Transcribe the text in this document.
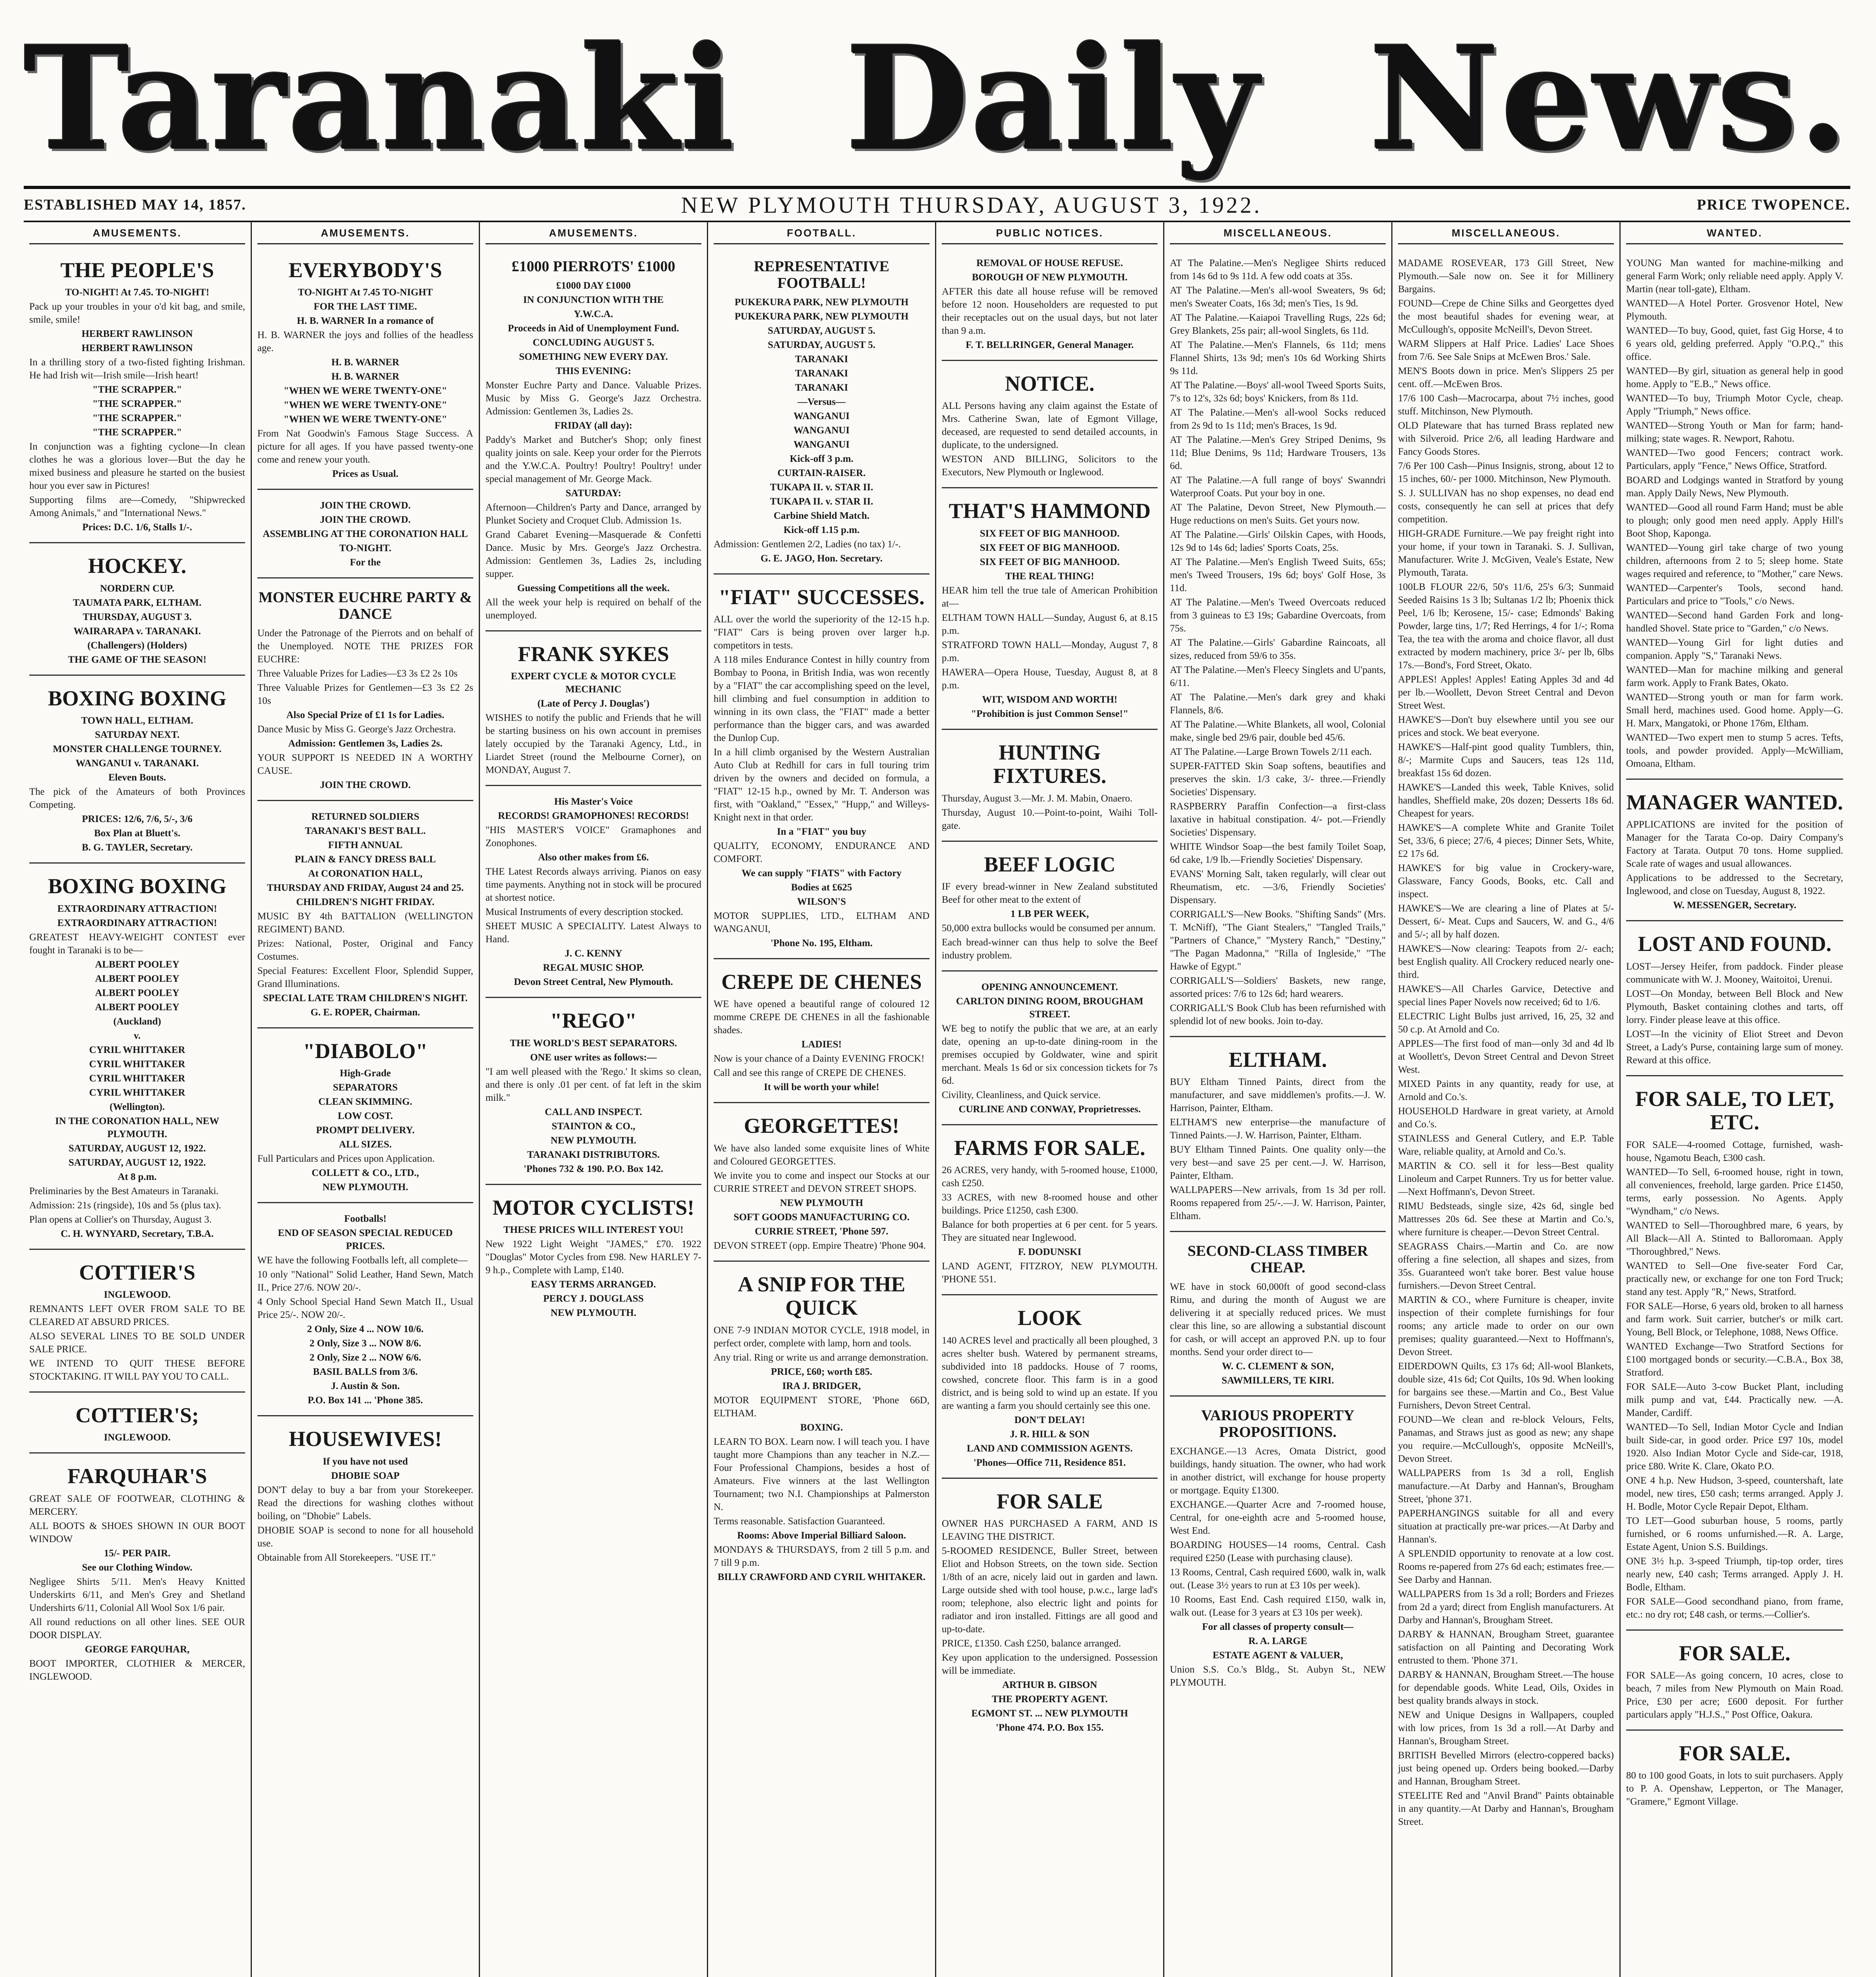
Taranaki Daily News.
ESTABLISHED MAY 14, 1857.	NEW PLYMOUTH THURSDAY, AUGUST 3, 1922.	PRICE TWOPENCE.
AMUSEMENTS.
THE PEOPLE'S
TO-NIGHT! At 7.45. TO-NIGHT!
Pack up your troubles in your o'd kit bag, and smile, smile, smile!
HERBERT RAWLINSON
HERBERT RAWLINSON
In a thrilling story of a two-fisted fighting Irishman. He had Irish wit—Irish smile—Irish heart!
"THE SCRAPPER."
"THE SCRAPPER."
"THE SCRAPPER."
"THE SCRAPPER."
In conjunction was a fighting cyclone—In clean clothes he was a glorious lover—But the day he mixed business and pleasure he started on the busiest hour you ever saw in Pictures!
Supporting films are—Comedy, "Shipwrecked Among Animals," and "International News."
Prices: D.C. 1/6, Stalls 1/-.
HOCKEY.
NORDERN CUP.
TAUMATA PARK, ELTHAM.
THURSDAY, AUGUST 3.
WAIRARAPA v. TARANAKI.
(Challengers) (Holders)
THE GAME OF THE SEASON!
BOXING BOXING
TOWN HALL, ELTHAM.
SATURDAY NEXT.
MONSTER CHALLENGE TOURNEY.
WANGANUI v. TARANAKI.
Eleven Bouts.
The pick of the Amateurs of both Provinces Competing.
PRICES: 12/6, 7/6, 5/-, 3/6
Box Plan at Bluett's.
B. G. TAYLER, Secretary.
BOXING BOXING
EXTRAORDINARY ATTRACTION!
EXTRAORDINARY ATTRACTION!
GREATEST HEAVY-WEIGHT CONTEST ever fought in Taranaki is to be—
ALBERT POOLEY
ALBERT POOLEY
ALBERT POOLEY
ALBERT POOLEY
(Auckland)
v.
CYRIL WHITTAKER
CYRIL WHITTAKER
CYRIL WHITTAKER
CYRIL WHITTAKER
(Wellington).
IN THE CORONATION HALL, NEW PLYMOUTH.
SATURDAY, AUGUST 12, 1922.
SATURDAY, AUGUST 12, 1922.
At 8 p.m.
Preliminaries by the Best Amateurs in Taranaki.
Admission: 21s (ringside), 10s and 5s (plus tax).
Plan opens at Collier's on Thursday, August 3.
C. H. WYNYARD, Secretary, T.B.A.
COTTIER'S
INGLEWOOD.
REMNANTS LEFT OVER FROM SALE TO BE CLEARED AT ABSURD PRICES.
ALSO SEVERAL LINES TO BE SOLD UNDER SALE PRICE.
WE INTEND TO QUIT THESE BEFORE STOCKTAKING. IT WILL PAY YOU TO CALL.
COTTIER'S;
INGLEWOOD.
FARQUHAR'S
GREAT SALE OF FOOTWEAR, CLOTHING & MERCERY.
ALL BOOTS & SHOES SHOWN IN OUR BOOT WINDOW
15/- PER PAIR.
See our Clothing Window.
Negligee Shirts 5/11. Men's Heavy Knitted Underskirts 6/11, and Men's Grey and Shetland Undershirts 6/11, Colonial All Wool Sox 1/6 pair.
All round reductions on all other lines. SEE OUR DOOR DISPLAY.
GEORGE FARQUHAR,
BOOT IMPORTER, CLOTHIER & MERCER, INGLEWOOD.
AMUSEMENTS.
EVERYBODY'S
TO-NIGHT At 7.45 TO-NIGHT
FOR THE LAST TIME.
H. B. WARNER In a romance of
H. B. WARNER the joys and follies of the headless age.
H. B. WARNER
H. B. WARNER
"WHEN WE WERE TWENTY-ONE"
"WHEN WE WERE TWENTY-ONE"
"WHEN WE WERE TWENTY-ONE"
From Nat Goodwin's Famous Stage Success. A picture for all ages. If you have passed twenty-one come and renew your youth.
Prices as Usual.
JOIN THE CROWD.
JOIN THE CROWD.
ASSEMBLING AT THE CORONATION HALL
TO-NIGHT.
For the
MONSTER EUCHRE PARTY & DANCE
Under the Patronage of the Pierrots and on behalf of the Unemployed. NOTE THE PRIZES FOR EUCHRE:
Three Valuable Prizes for Ladies—£3 3s £2 2s 10s
Three Valuable Prizes for Gentlemen—£3 3s £2 2s 10s
Also Special Prize of £1 1s for Ladies.
Dance Music by Miss G. George's Jazz Orchestra.
Admission: Gentlemen 3s, Ladies 2s.
YOUR SUPPORT IS NEEDED IN A WORTHY CAUSE.
JOIN THE CROWD.
RETURNED SOLDIERS
TARANAKI'S BEST BALL.
FIFTH ANNUAL
PLAIN & FANCY DRESS BALL
At CORONATION HALL,
THURSDAY AND FRIDAY, August 24 and 25.
CHILDREN'S NIGHT FRIDAY.
MUSIC BY 4th BATTALION (WELLINGTON REGIMENT) BAND.
Prizes: National, Poster, Original and Fancy Costumes.
Special Features: Excellent Floor, Splendid Supper, Grand Illuminations.
SPECIAL LATE TRAM CHILDREN'S NIGHT.
G. E. ROPER, Chairman.
"DIABOLO"
High-Grade
SEPARATORS
CLEAN SKIMMING.
LOW COST.
PROMPT DELIVERY.
ALL SIZES.
Full Particulars and Prices upon Application.
COLLETT & CO., LTD.,
NEW PLYMOUTH.
Footballs!
END OF SEASON SPECIAL REDUCED PRICES.
WE have the following Footballs left, all complete—
10 only "National" Solid Leather, Hand Sewn, Match II., Price 27/6. NOW 20/-.
4 Only School Special Hand Sewn Match II., Usual Price 25/-. NOW 20/-.
2 Only, Size 4 ... NOW 10/6.
2 Only, Size 3 ... NOW 8/6.
2 Only, Size 2 ... NOW 6/6.
BASIL BALLS from 3/6.
J. Austin & Son.
P.O. Box 141 ... 'Phone 385.
HOUSEWIVES!
If you have not used
DHOBIE SOAP
DON'T delay to buy a bar from your Storekeeper. Read the directions for washing clothes without boiling, on "Dhobie" Labels.
DHOBIE SOAP is second to none for all household use.
Obtainable from All Storekeepers. "USE IT."
AMUSEMENTS.
£1000 PIERROTS' £1000
£1000 DAY £1000
IN CONJUNCTION WITH THE
Y.W.C.A.
Proceeds in Aid of Unemployment Fund.
CONCLUDING AUGUST 5.
SOMETHING NEW EVERY DAY.
THIS EVENING:
Monster Euchre Party and Dance. Valuable Prizes. Music by Miss G. George's Jazz Orchestra. Admission: Gentlemen 3s, Ladies 2s.
FRIDAY (all day):
Paddy's Market and Butcher's Shop; only finest quality joints on sale. Keep your order for the Pierrots and the Y.W.C.A. Poultry! Poultry! Poultry! under special management of Mr. George Mack.
SATURDAY:
Afternoon—Children's Party and Dance, arranged by Plunket Society and Croquet Club. Admission 1s.
Grand Cabaret Evening—Masquerade & Confetti Dance. Music by Mrs. George's Jazz Orchestra. Admission: Gentlemen 3s, Ladies 2s, including supper.
Guessing Competitions all the week.
All the week your help is required on behalf of the unemployed.
FRANK SYKES
EXPERT CYCLE & MOTOR CYCLE MECHANIC
(Late of Percy J. Douglas')
WISHES to notify the public and Friends that he will be starting business on his own account in premises lately occupied by the Taranaki Agency, Ltd., in Liardet Street (round the Melbourne Corner), on MONDAY, August 7.
His Master's Voice
RECORDS! GRAMOPHONES! RECORDS!
"HIS MASTER'S VOICE" Gramaphones and Zonophones.
Also other makes from £6.
THE Latest Records always arriving. Pianos on easy time payments. Anything not in stock will be procured at shortest notice.
Musical Instruments of every description stocked.
SHEET MUSIC A SPECIALITY. Latest Always to Hand.
J. C. KENNY
REGAL MUSIC SHOP.
Devon Street Central, New Plymouth.
"REGO"
THE WORLD'S BEST SEPARATORS.
ONE user writes as follows:—
"I am well pleased with the 'Rego.' It skims so clean, and there is only .01 per cent. of fat left in the skim milk."
CALL AND INSPECT.
STAINTON & CO.,
NEW PLYMOUTH.
TARANAKI DISTRIBUTORS.
'Phones 732 & 190. P.O. Box 142.
MOTOR CYCLISTS!
THESE PRICES WILL INTEREST YOU!
New 1922 Light Weight "JAMES," £70. 1922 "Douglas" Motor Cycles from £98. New HARLEY 7-9 h.p., Complete with Lamp, £140.
EASY TERMS ARRANGED.
PERCY J. DOUGLASS
NEW PLYMOUTH.
FOOTBALL.
REPRESENTATIVE FOOTBALL!
PUKEKURA PARK, NEW PLYMOUTH
PUKEKURA PARK, NEW PLYMOUTH
SATURDAY, AUGUST 5.
SATURDAY, AUGUST 5.
TARANAKI
TARANAKI
TARANAKI
—Versus—
WANGANUI
WANGANUI
WANGANUI
Kick-off 3 p.m.
CURTAIN-RAISER.
TUKAPA II. v. STAR II.
TUKAPA II. v. STAR II.
Carbine Shield Match.
Kick-off 1.15 p.m.
Admission: Gentlemen 2/2, Ladies (no tax) 1/-.
G. E. JAGO, Hon. Secretary.
"FIAT" SUCCESSES.
ALL over the world the superiority of the 12-15 h.p. "FIAT" Cars is being proven over larger h.p. competitors in tests.
A 118 miles Endurance Contest in hilly country from Bombay to Poona, in British India, was won recently by a "FIAT" the car accomplishing speed on the level, hill climbing and fuel consumption in addition to winning in its own class, the "FIAT" made a better performance than the bigger cars, and was awarded the Dunlop Cup.
In a hill climb organised by the Western Australian Auto Club at Redhill for cars in full touring trim driven by the owners and decided on formula, a "FIAT" 12-15 h.p., owned by Mr. T. Anderson was first, with "Oakland," "Essex," "Hupp," and Willeys-Knight next in that order.
In a "FIAT" you buy
QUALITY, ECONOMY, ENDURANCE AND COMFORT.
We can supply "FIATS" with Factory
Bodies at £625
WILSON'S
MOTOR SUPPLIES, LTD., ELTHAM AND WANGANUI,
'Phone No. 195, Eltham.
CREPE DE CHENES
WE have opened a beautiful range of coloured 12 momme CREPE DE CHENES in all the fashionable shades.
LADIES!
Now is your chance of a Dainty EVENING FROCK!
Call and see this range of CREPE DE CHENES.
It will be worth your while!
GEORGETTES!
We have also landed some exquisite lines of White and Coloured GEORGETTES.
We invite you to come and inspect our Stocks at our CURRIE STREET and DEVON STREET SHOPS.
NEW PLYMOUTH
SOFT GOODS MANUFACTURING CO.
CURRIE STREET, 'Phone 597.
DEVON STREET (opp. Empire Theatre) 'Phone 904.
A SNIP FOR THE QUICK
ONE 7-9 INDIAN MOTOR CYCLE, 1918 model, in perfect order, complete with lamp, horn and tools.
Any trial. Ring or write us and arrange demonstration.
PRICE, £60; worth £85.
IRA J. BRIDGER,
MOTOR EQUIPMENT STORE, 'Phone 66D, ELTHAM.
BOXING.
LEARN TO BOX. Learn now. I will teach you. I have taught more Champions than any teacher in N.Z.—Four Professional Champions, besides a host of Amateurs. Five winners at the last Wellington Tournament; two N.I. Championships at Palmerston N.
Terms reasonable. Satisfaction Guaranteed.
Rooms: Above Imperial Billiard Saloon.
MONDAYS & THURSDAYS, from 2 till 5 p.m. and 7 till 9 p.m.
BILLY CRAWFORD AND CYRIL WHITAKER.
PUBLIC NOTICES.
REMOVAL OF HOUSE REFUSE.
BOROUGH OF NEW PLYMOUTH.
AFTER this date all house refuse will be removed before 12 noon. Householders are requested to put their receptacles out on the usual days, but not later than 9 a.m.
F. T. BELLRINGER, General Manager.
NOTICE.
ALL Persons having any claim against the Estate of Mrs. Catherine Swan, late of Egmont Village, deceased, are requested to send detailed accounts, in duplicate, to the undersigned.
WESTON AND BILLING, Solicitors to the Executors, New Plymouth or Inglewood.
THAT'S HAMMOND
SIX FEET OF BIG MANHOOD.
SIX FEET OF BIG MANHOOD.
SIX FEET OF BIG MANHOOD.
THE REAL THING!
HEAR him tell the true tale of American Prohibition at—
ELTHAM TOWN HALL—Sunday, August 6, at 8.15 p.m.
STRATFORD TOWN HALL—Monday, August 7, 8 p.m.
HAWERA—Opera House, Tuesday, August 8, at 8 p.m.
WIT, WISDOM AND WORTH!
"Prohibition is just Common Sense!"
HUNTING FIXTURES.
Thursday, August 3.—Mr. J. M. Mabin, Onaero.
Thursday, August 10.—Point-to-point, Waihi Toll-gate.
BEEF LOGIC
IF every bread-winner in New Zealand substituted Beef for other meat to the extent of
1 LB PER WEEK,
50,000 extra bullocks would be consumed per annum.
Each bread-winner can thus help to solve the Beef industry problem.
OPENING ANNOUNCEMENT.
CARLTON DINING ROOM, BROUGHAM STREET.
WE beg to notify the public that we are, at an early date, opening an up-to-date dining-room in the premises occupied by Goldwater, wine and spirit merchant. Meals 1s 6d or six concession tickets for 7s 6d.
Civility, Cleanliness, and Quick service.
CURLINE AND CONWAY, Proprietresses.
FARMS FOR SALE.
26 ACRES, very handy, with 5-roomed house, £1000, cash £250.
33 ACRES, with new 8-roomed house and other buildings. Price £1250, cash £300.
Balance for both properties at 6 per cent. for 5 years. They are situated near Inglewood.
F. DODUNSKI
LAND AGENT, FITZROY, NEW PLYMOUTH. 'PHONE 551.
LOOK
140 ACRES level and practically all been ploughed, 3 acres shelter bush. Watered by permanent streams, subdivided into 18 paddocks. House of 7 rooms, cowshed, concrete floor. This farm is in a good district, and is being sold to wind up an estate. If you are wanting a farm you should certainly see this one.
DON'T DELAY!
J. R. HILL & SON
LAND AND COMMISSION AGENTS.
'Phones—Office 711, Residence 851.
FOR SALE
OWNER HAS PURCHASED A FARM, AND IS LEAVING THE DISTRICT.
5-ROOMED RESIDENCE, Buller Street, between Eliot and Hobson Streets, on the town side. Section 1/8th of an acre, nicely laid out in garden and lawn. Large outside shed with tool house, p.w.c., large lad's room; telephone, also electric light and points for radiator and iron installed. Fittings are all good and up-to-date.
PRICE, £1350. Cash £250, balance arranged.
Key upon application to the undersigned. Possession will be immediate.
ARTHUR B. GIBSON
THE PROPERTY AGENT.
EGMONT ST. ... NEW PLYMOUTH
'Phone 474. P.O. Box 155.
MISCELLANEOUS.
AT The Palatine.—Men's Negligee Shirts reduced from 14s 6d to 9s 11d. A few odd coats at 35s.
AT The Palatine.—Men's all-wool Sweaters, 9s 6d; men's Sweater Coats, 16s 3d; men's Ties, 1s 9d.
AT The Palatine.—Kaiapoi Travelling Rugs, 22s 6d; Grey Blankets, 25s pair; all-wool Singlets, 6s 11d.
AT The Palatine.—Men's Flannels, 6s 11d; mens Flannel Shirts, 13s 9d; men's 10s 6d Working Shirts 9s 11d.
AT The Palatine.—Boys' all-wool Tweed Sports Suits, 7's to 12's, 32s 6d; boys' Knickers, from 8s 11d.
AT The Palatine.—Men's all-wool Socks reduced from 2s 9d to 1s 11d; men's Braces, 1s 9d.
AT The Palatine.—Men's Grey Striped Denims, 9s 11d; Blue Denims, 9s 11d; Hardware Trousers, 13s 6d.
AT The Palatine.—A full range of boys' Swanndri Waterproof Coats. Put your boy in one.
AT The Palatine, Devon Street, New Plymouth.—Huge reductions on men's Suits. Get yours now.
AT The Palatine.—Girls' Oilskin Capes, with Hoods, 12s 9d to 14s 6d; ladies' Sports Coats, 25s.
AT The Palatine.—Men's English Tweed Suits, 65s; men's Tweed Trousers, 19s 6d; boys' Golf Hose, 3s 11d.
AT The Palatine.—Men's Tweed Overcoats reduced from 3 guineas to £3 19s; Gabardine Overcoats, from 75s.
AT The Palatine.—Girls' Gabardine Raincoats, all sizes, reduced from 59/6 to 35s.
AT The Palatine.—Men's Fleecy Singlets and U'pants, 6/11.
AT The Palatine.—Men's dark grey and khaki Flannels, 8/6.
AT The Palatine.—White Blankets, all wool, Colonial make, single bed 29/6 pair, double bed 45/6.
AT The Palatine.—Large Brown Towels 2/11 each.
SUPER-FATTED Skin Soap softens, beautifies and preserves the skin. 1/3 cake, 3/- three.—Friendly Societies' Dispensary.
RASPBERRY Paraffin Confection—a first-class laxative in habitual constipation. 4/- pot.—Friendly Societies' Dispensary.
WHITE Windsor Soap—the best family Toilet Soap, 6d cake, 1/9 lb.—Friendly Societies' Dispensary.
EVANS' Morning Salt, taken regularly, will clear out Rheumatism, etc. —3/6, Friendly Societies' Dispensary.
CORRIGALL'S—New Books. "Shifting Sands" (Mrs. T. McNiff), "The Giant Stealers," "Tangled Trails," "Partners of Chance," "Mystery Ranch," "Destiny," "The Pagan Madonna," "Rilla of Ingleside," "The Hawke of Egypt."
CORRIGALL'S—Soldiers' Baskets, new range, assorted prices: 7/6 to 12s 6d; hard wearers.
CORRIGALL'S Book Club has been refurnished with splendid lot of new books. Join to-day.
ELTHAM.
BUY Eltham Tinned Paints, direct from the manufacturer, and save middlemen's profits.—J. W. Harrison, Painter, Eltham.
ELTHAM'S new enterprise—the manufacture of Tinned Paints.—J. W. Harrison, Painter, Eltham.
BUY Eltham Tinned Paints. One quality only—the very best—and save 25 per cent.—J. W. Harrison, Painter, Eltham.
WALLPAPERS—New arrivals, from 1s 3d per roll. Rooms repapered from 25/-.—J. W. Harrison, Painter, Eltham.
SECOND-CLASS TIMBER CHEAP.
WE have in stock 60,000ft of good second-class Rimu, and during the month of August we are delivering it at specially reduced prices. We must clear this line, so are allowing a substantial discount for cash, or will accept an approved P.N. up to four months. Send your order direct to—
W. C. CLEMENT & SON,
SAWMILLERS, TE KIRI.
VARIOUS PROPERTY PROPOSITIONS.
EXCHANGE.—13 Acres, Omata District, good buildings, handy situation. The owner, who had work in another district, will exchange for house property or mortgage. Equity £1300.
EXCHANGE.—Quarter Acre and 7-roomed house, Central, for one-eighth acre and 5-roomed house, West End.
BOARDING HOUSES—14 rooms, Central. Cash required £250 (Lease with purchasing clause).
13 Rooms, Central, Cash required £600, walk in, walk out. (Lease 3½ years to run at £3 10s per week).
10 Rooms, East End. Cash required £150, walk in, walk out. (Lease for 3 years at £3 10s per week).
For all classes of property consult—
R. A. LARGE
ESTATE AGENT & VALUER,
Union S.S. Co.'s Bldg., St. Aubyn St., NEW PLYMOUTH.
MISCELLANEOUS.
MADAME ROSEVEAR, 173 Gill Street, New Plymouth.—Sale now on. See it for Millinery Bargains.
FOUND—Crepe de Chine Silks and Georgettes dyed the most beautiful shades for evening wear, at McCullough's, opposite McNeill's, Devon Street.
WARM Slippers at Half Price. Ladies' Lace Shoes from 7/6. See Sale Snips at McEwen Bros.' Sale.
MEN'S Boots down in price. Men's Slippers 25 per cent. off.—McEwen Bros.
17/6 100 Cash—Macrocarpa, about 7½ inches, good stuff. Mitchinson, New Plymouth.
OLD Plateware that has turned Brass replated new with Silveroid. Price 2/6, all leading Hardware and Fancy Goods Stores.
7/6 Per 100 Cash—Pinus Insignis, strong, about 12 to 15 inches, 60/- per 1000. Mitchinson, New Plymouth.
S. J. SULLIVAN has no shop expenses, no dead end costs, consequently he can sell at prices that defy competition.
HIGH-GRADE Furniture.—We pay freight right into your home, if your town in Taranaki. S. J. Sullivan, Manufacturer. Write J. McGiven, Veale's Estate, New Plymouth, Tarata.
100LB FLOUR 22/6, 50's 11/6, 25's 6/3; Sunmaid Seeded Raisins 1s 3 lb; Sultanas 1/2 lb; Phoenix thick Peel, 1/6 lb; Kerosene, 15/- case; Edmonds' Baking Powder, large tins, 1/7; Red Herrings, 4 for 1/-; Roma Tea, the tea with the aroma and choice flavor, all dust extracted by modern machinery, price 3/- per lb, 6lbs 17s.—Bond's, Ford Street, Okato.
APPLES! Apples! Apples! Eating Apples 3d and 4d per lb.—Woollett, Devon Street Central and Devon Street West.
HAWKE'S—Don't buy elsewhere until you see our prices and stock. We beat everyone.
HAWKE'S—Half-pint good quality Tumblers, thin, 8/-; Marmite Cups and Saucers, teas 12s 11d, breakfast 15s 6d dozen.
HAWKE'S—Landed this week, Table Knives, solid handles, Sheffield make, 20s dozen; Desserts 18s 6d. Cheapest for years.
HAWKE'S—A complete White and Granite Toilet Set, 33/6, 6 piece; 27/6, 4 pieces; Dinner Sets, White, £2 17s 6d.
HAWKE'S for big value in Crockery-ware, Glassware, Fancy Goods, Books, etc. Call and inspect.
HAWKE'S—We are clearing a line of Plates at 5/- Dessert, 6/- Meat. Cups and Saucers, W. and G., 4/6 and 5/-; all by half dozen.
HAWKE'S—Now clearing: Teapots from 2/- each; best English quality. All Crockery reduced nearly one-third.
HAWKE'S—All Charles Garvice, Detective and special lines Paper Novels now received; 6d to 1/6.
ELECTRIC Light Bulbs just arrived, 16, 25, 32 and 50 c.p. At Arnold and Co.
APPLES—The first food of man—only 3d and 4d lb at Woollett's, Devon Street Central and Devon Street West.
MIXED Paints in any quantity, ready for use, at Arnold and Co.'s.
HOUSEHOLD Hardware in great variety, at Arnold and Co.'s.
STAINLESS and General Cutlery, and E.P. Table Ware, reliable quality, at Arnold and Co.'s.
MARTIN & CO. sell it for less—Best quality Linoleum and Carpet Runners. Try us for better value.—Next Hoffmann's, Devon Street.
RIMU Bedsteads, single size, 42s 6d, single bed Mattresses 20s 6d. See these at Martin and Co.'s, where furniture is cheaper.—Devon Street Central.
SEAGRASS Chairs.—Martin and Co. are now offering a fine selection, all shapes and sizes, from 35s. Guaranteed won't take borer. Best value house furnishers.—Devon Street Central.
MARTIN & CO., where Furniture is cheaper, invite inspection of their complete furnishings for four rooms; any article made to order on our own premises; quality guaranteed.—Next to Hoffmann's, Devon Street.
EIDERDOWN Quilts, £3 17s 6d; All-wool Blankets, double size, 41s 6d; Cot Quilts, 10s 9d. When looking for bargains see these.—Martin and Co., Best Value Furnishers, Devon Street Central.
FOUND—We clean and re-block Velours, Felts, Panamas, and Straws just as good as new; any shape you require.—McCullough's, opposite McNeill's, Devon Street.
WALLPAPERS from 1s 3d a roll, English manufacture.—At Darby and Hannan's, Brougham Street, 'phone 371.
PAPERHANGINGS suitable for all and every situation at practically pre-war prices.—At Darby and Hannan's.
A SPLENDID opportunity to renovate at a low cost. Rooms re-papered from 27s 6d each; estimates free.—See Darby and Hannan.
WALLPAPERS from 1s 3d a roll; Borders and Friezes from 2d a yard; direct from English manufacturers. At Darby and Hannan's, Brougham Street.
DARBY & HANNAN, Brougham Street, guarantee satisfaction on all Painting and Decorating Work entrusted to them. 'Phone 371.
DARBY & HANNAN, Brougham Street.—The house for dependable goods. White Lead, Oils, Oxides in best quality brands always in stock.
NEW and Unique Designs in Wallpapers, coupled with low prices, from 1s 3d a roll.—At Darby and Hannan's, Brougham Street.
BRITISH Bevelled Mirrors (electro-coppered backs) just being opened up. Orders being booked.—Darby and Hannan, Brougham Street.
STEELITE Red and "Anvil Brand" Paints obtainable in any quantity.—At Darby and Hannan's, Brougham Street.
WANTED.
YOUNG Man wanted for machine-milking and general Farm Work; only reliable need apply. Apply V. Martin (near toll-gate), Eltham.
WANTED—A Hotel Porter. Grosvenor Hotel, New Plymouth.
WANTED—To buy, Good, quiet, fast Gig Horse, 4 to 6 years old, gelding preferred. Apply "O.P.Q.," this office.
WANTED—By girl, situation as general help in good home. Apply to "E.B.," News office.
WANTED—To buy, Triumph Motor Cycle, cheap. Apply "Triumph," News office.
WANTED—Strong Youth or Man for farm; hand-milking; state wages. R. Newport, Rahotu.
WANTED—Two good Fencers; contract work. Particulars, apply "Fence," News Office, Stratford.
BOARD and Lodgings wanted in Stratford by young man. Apply Daily News, New Plymouth.
WANTED—Good all round Farm Hand; must be able to plough; only good men need apply. Apply Hill's Boot Shop, Kaponga.
WANTED—Young girl take charge of two young children, afternoons from 2 to 5; sleep home. State wages required and reference, to "Mother," care News.
WANTED—Carpenter's Tools, second hand. Particulars and price to "Tools," c/o News.
WANTED—Second hand Garden Fork and long-handled Shovel. State price to "Garden," c/o News.
WANTED—Young Girl for light duties and companion. Apply "S," Taranaki News.
WANTED—Man for machine milking and general farm work. Apply to Frank Bates, Okato.
WANTED—Strong youth or man for farm work. Small herd, machines used. Good home. Apply—G. H. Marx, Mangatoki, or Phone 176m, Eltham.
WANTED—Two expert men to stump 5 acres. Tefts, tools, and powder provided. Apply—McWilliam, Omoana, Eltham.
MANAGER WANTED.
APPLICATIONS are invited for the position of Manager for the Tarata Co-op. Dairy Company's Factory at Tarata. Output 70 tons. Home supplied. Scale rate of wages and usual allowances.
Applications to be addressed to the Secretary, Inglewood, and close on Tuesday, August 8, 1922.
W. MESSENGER, Secretary.
LOST AND FOUND.
LOST—Jersey Heifer, from paddock. Finder please communicate with W. J. Mooney, Waitoitoi, Urenui.
LOST—On Monday, between Bell Block and New Plymouth, Basket containing clothes and tarts, off lorry. Finder please leave at this office.
LOST—In the vicinity of Eliot Street and Devon Street, a Lady's Purse, containing large sum of money. Reward at this office.
FOR SALE, TO LET, ETC.
FOR SALE—4-roomed Cottage, furnished, wash-house, Ngamotu Beach, £300 cash.
WANTED—To Sell, 6-roomed house, right in town, all conveniences, freehold, large garden. Price £1450, terms, early possession. No Agents. Apply "Wyndham," c/o News.
WANTED to Sell—Thoroughbred mare, 6 years, by All Black—All A. Stinted to Balloromaan. Apply "Thoroughbred," News.
WANTED to Sell—One five-seater Ford Car, practically new, or exchange for one ton Ford Truck; stand any test. Apply "R," News, Stratford.
FOR SALE—Horse, 6 years old, broken to all harness and farm work. Suit carrier, butcher's or milk cart. Young, Bell Block, or Telephone, 1088, News Office.
WANTED Exchange—Two Stratford Sections for £100 mortgaged bonds or security.—C.B.A., Box 38, Stratford.
FOR SALE—Auto 3-cow Bucket Plant, including milk pump and vat, £44. Practically new. —A. Mander, Cardiff.
WANTED—To Sell, Indian Motor Cycle and Indian built Side-car, in good order. Price £97 10s, model 1920. Also Indian Motor Cycle and Side-car, 1918, price £80. Write K. Clare, Okato P.O.
ONE 4 h.p. New Hudson, 3-speed, countershaft, late model, new tires, £50 cash; terms arranged. Apply J. H. Bodle, Motor Cycle Repair Depot, Eltham.
TO LET—Good suburban house, 5 rooms, partly furnished, or 6 rooms unfurnished.—R. A. Large, Estate Agent, Union S.S. Buildings.
ONE 3½ h.p. 3-speed Triumph, tip-top order, tires nearly new, £40 cash; Terms arranged. Apply J. H. Bodle, Eltham.
FOR SALE—Good secondhand piano, from frame, etc.: no dry rot; £48 cash, or terms.—Collier's.
FOR SALE.
FOR SALE—As going concern, 10 acres, close to beach, 7 miles from New Plymouth on Main Road. Price, £30 per acre; £600 deposit. For further particulars apply "H.J.S.," Post Office, Oakura.
FOR SALE.
80 to 100 good Goats, in lots to suit purchasers. Apply to P. A. Openshaw, Lepperton, or The Manager, "Gramere," Egmont Village.
